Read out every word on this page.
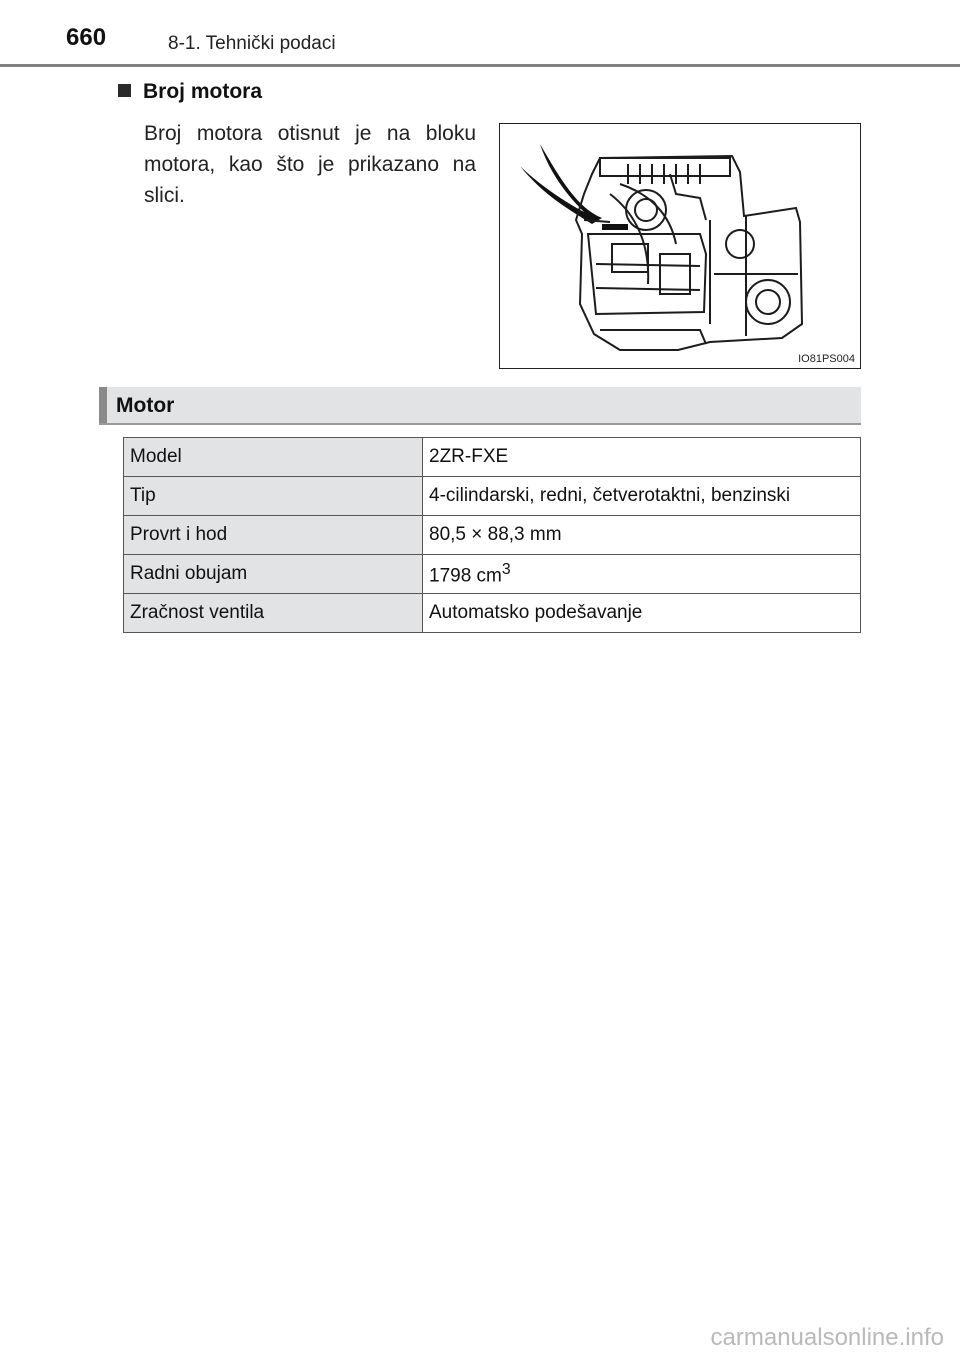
660	8-1. Tehnički podaci
Broj motora
Broj motora otisnut je na bloku motora, kao što je prikazano na slici.
IO81PS004
Motor
Model	2ZR-FXE
Tip	4-cilindarski, redni, četverotaktni, benzinski
Provrt i hod	80,5 × 88,3 mm
Radni obujam	1798 $cm^3$
Zračnost ventila	Automatsko podešavanje
carmanualsonline.info
